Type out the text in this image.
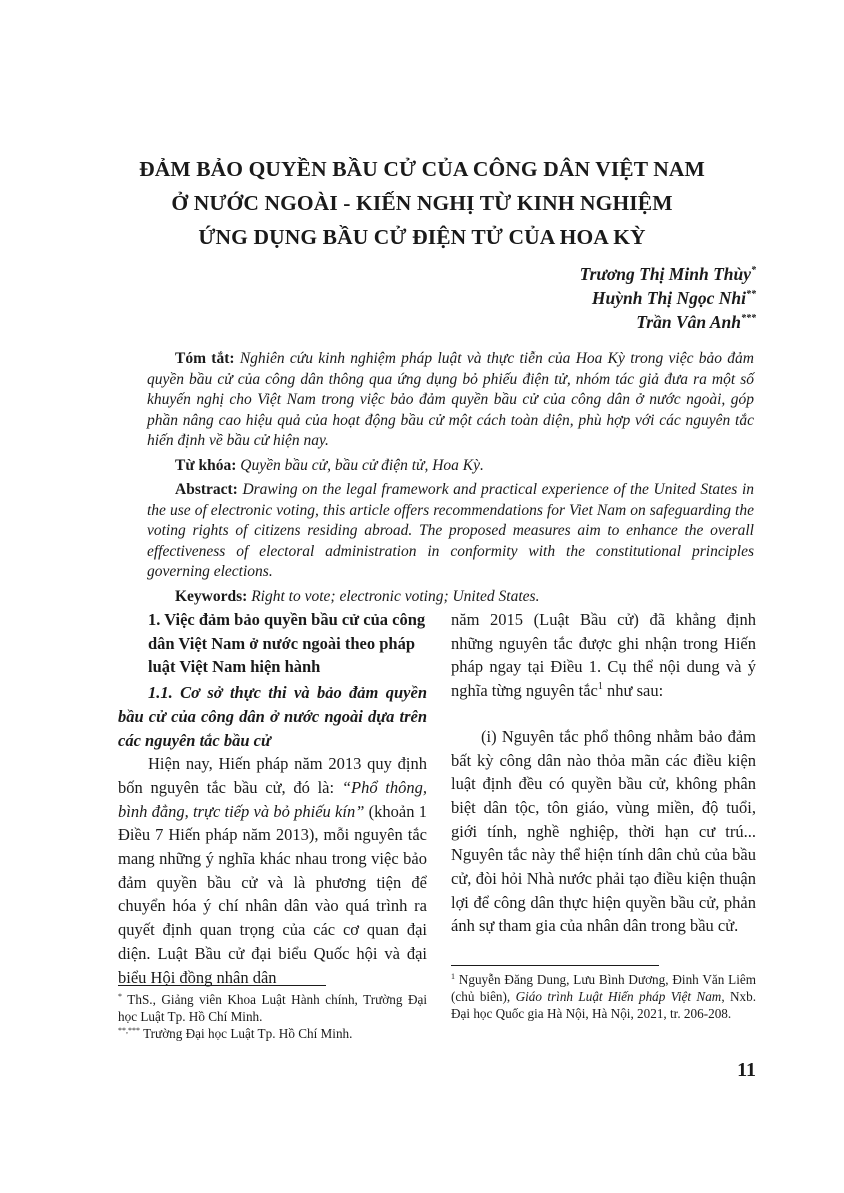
ĐẢM BẢO QUYỀN BẦU CỬ CỦA CÔNG DÂN VIỆT NAM
Ở NƯỚC NGOÀI - KIẾN NGHỊ TỪ KINH NGHIỆM
ỨNG DỤNG BẦU CỬ ĐIỆN TỬ CỦA HOA KỲ
Trương Thị Minh Thùy*
Huỳnh Thị Ngọc Nhi**
Trần Vân Anh***

Tóm tắt: Nghiên cứu kinh nghiệm pháp luật và thực tiễn của Hoa Kỳ trong việc bảo đảm quyền bầu cử của công dân thông qua ứng dụng bỏ phiếu điện tử, nhóm tác giả đưa ra một số khuyến nghị cho Việt Nam trong việc bảo đảm quyền bầu cử của công dân ở nước ngoài, góp phần nâng cao hiệu quả của hoạt động bầu cử một cách toàn diện, phù hợp với các nguyên tắc hiến định về bầu cử hiện nay.

Từ khóa: Quyền bầu cử, bầu cử điện tử, Hoa Kỳ.

Abstract: Drawing on the legal framework and practical experience of the United States in the use of electronic voting, this article offers recommendations for Viet Nam on safeguarding the voting rights of citizens residing abroad. The proposed measures aim to enhance the overall effectiveness of electoral administration in conformity with the constitutional principles governing elections.

Keywords: Right to vote; electronic voting; United States.

1. Việc đảm bảo quyền bầu cử của công dân Việt Nam ở nước ngoài theo pháp luật Việt Nam hiện hành

1.1. Cơ sở thực thi và bảo đảm quyền bầu cử của công dân ở nước ngoài dựa trên các nguyên tắc bầu cử

Hiện nay, Hiến pháp năm 2013 quy định bốn nguyên tắc bầu cử, đó là: “Phổ thông, bình đẳng, trực tiếp và bỏ phiếu kín” (khoản 1 Điều 7 Hiến pháp năm 2013), mỗi nguyên tắc mang những ý nghĩa khác nhau trong việc bảo đảm quyền bầu cử và là phương tiện để chuyển hóa ý chí nhân dân vào quá trình ra quyết định quan trọng của các cơ quan đại diện. Luật Bầu cử đại biểu Quốc hội và đại biểu Hội đồng nhân dân

năm 2015 (Luật Bầu cử) đã khẳng định những nguyên tắc được ghi nhận trong Hiến pháp ngay tại Điều 1. Cụ thể nội dung và ý nghĩa từng nguyên tắc$^1$ như sau:

(i) Nguyên tắc phổ thông nhằm bảo đảm bất kỳ công dân nào thỏa mãn các điều kiện luật định đều có quyền bầu cử, không phân biệt dân tộc, tôn giáo, vùng miền, độ tuổi, giới tính, nghề nghiệp, thời hạn cư trú... Nguyên tắc này thể hiện tính dân chủ của bầu cử, đòi hỏi Nhà nước phải tạo điều kiện thuận lợi để công dân thực hiện quyền bầu cử, phản ánh sự tham gia của nhân dân trong bầu cử.

* ThS., Giảng viên Khoa Luật Hành chính, Trường Đại học Luật Tp. Hồ Chí Minh.

**,*** Trường Đại học Luật Tp. Hồ Chí Minh.

$^1$ Nguyễn Đăng Dung, Lưu Bình Dương, Đinh Văn Liêm (chủ biên), Giáo trình Luật Hiến pháp Việt Nam, Nxb. Đại học Quốc gia Hà Nội, Hà Nội, 2021, tr. 206-208.

11
